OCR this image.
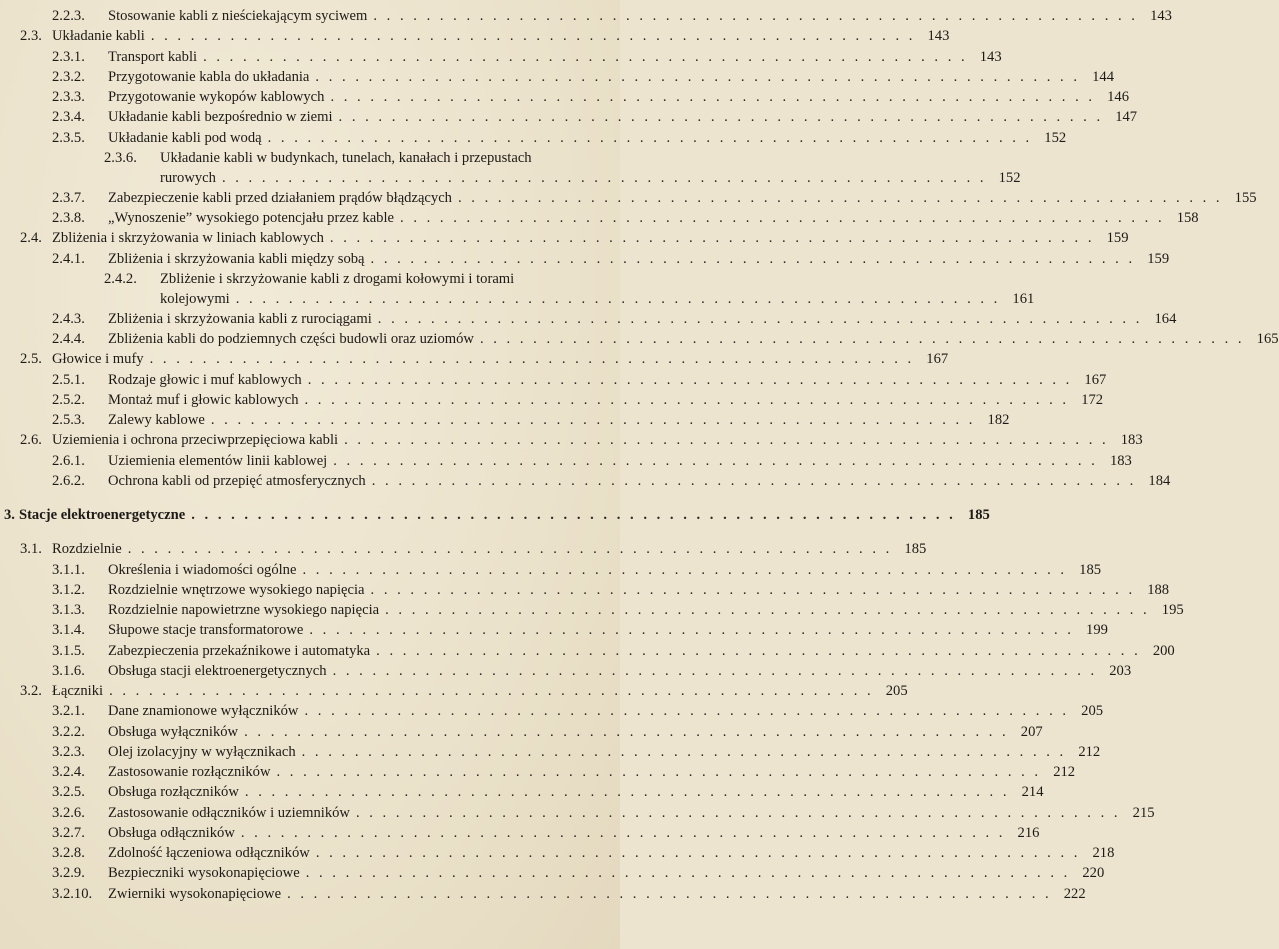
2.2.3.	Stosowanie kabli z nieściekającym syciwem . . . . . . . . . . . . . . . . . . . . . . . . . . . . . . . . . . . . . . . . . . . . . . . . . . . . . . . . . . 143
2.3. Układanie kabli . . . . . . . . . . . . . . . . . . . . . . . . . . . . . . . . . . . . . . . . . . . . . . . . . . . . . . . . . . 143
2.3.1.	Transport kabli . . . . . . . . . . . . . . . . . . . . . . . . . . . . . . . . . . . . . . . . . . . . . . . . . . . . . . . . . . 143
2.3.2.	Przygotowanie kabla do układania . . . . . . . . . . . . . . . . . . . . . . . . . . . . . . . . . . . . . . . . . . . . . . . . . . . . . . . . . . 144
2.3.3.	Przygotowanie wykopów kablowych . . . . . . . . . . . . . . . . . . . . . . . . . . . . . . . . . . . . . . . . . . . . . . . . . . . . . . . . . . 146
2.3.4.	Układanie kabli bezpośrednio w ziemi . . . . . . . . . . . . . . . . . . . . . . . . . . . . . . . . . . . . . . . . . . . . . . . . . . . . . . . . . . 147
2.3.5.	Układanie kabli pod wodą . . . . . . . . . . . . . . . . . . . . . . . . . . . . . . . . . . . . . . . . . . . . . . . . . . . . . . . . . . 152
2.3.6. Układanie kabli w budynkach, tunelach, kanałach i przepustach
rurowych . . . . . . . . . . . . . . . . . . . . . . . . . . . . . . . . . . . . . . . . . . . . . . . . . . . . . . . . . . 152
2.3.7.	Zabezpieczenie kabli przed działaniem prądów błądzących . . . . . . . . . . . . . . . . . . . . . . . . . . . . . . . . . . . . . . . . . . . . . . . . . . . . . . . . . . 155
2.3.8.	„Wynoszenie” wysokiego potencjału przez kable . . . . . . . . . . . . . . . . . . . . . . . . . . . . . . . . . . . . . . . . . . . . . . . . . . . . . . . . . . 158
2.4. Zbliżenia i skrzyżowania w liniach kablowych . . . . . . . . . . . . . . . . . . . . . . . . . . . . . . . . . . . . . . . . . . . . . . . . . . . . . . . . . . 159
2.4.1.	Zbliżenia i skrzyżowania kabli między sobą . . . . . . . . . . . . . . . . . . . . . . . . . . . . . . . . . . . . . . . . . . . . . . . . . . . . . . . . . . 159
2.4.2. Zbliżenie i skrzyżowanie kabli z drogami kołowymi i torami
kolejowymi . . . . . . . . . . . . . . . . . . . . . . . . . . . . . . . . . . . . . . . . . . . . . . . . . . . . . . . . . . 161
2.4.3.	Zbliżenia i skrzyżowania kabli z rurociągami . . . . . . . . . . . . . . . . . . . . . . . . . . . . . . . . . . . . . . . . . . . . . . . . . . . . . . . . . . 164
2.4.4.	Zbliżenia kabli do podziemnych części budowli oraz uziomów . . . . . . . . . . . . . . . . . . . . . . . . . . . . . . . . . . . . . . . . . . . . . . . . . . . . . . . . . . 165
2.5. Głowice i mufy . . . . . . . . . . . . . . . . . . . . . . . . . . . . . . . . . . . . . . . . . . . . . . . . . . . . . . . . . . 167
2.5.1.	Rodzaje głowic i muf kablowych . . . . . . . . . . . . . . . . . . . . . . . . . . . . . . . . . . . . . . . . . . . . . . . . . . . . . . . . . . 167
2.5.2.	Montaż muf i głowic kablowych . . . . . . . . . . . . . . . . . . . . . . . . . . . . . . . . . . . . . . . . . . . . . . . . . . . . . . . . . . 172
2.5.3.	Zalewy kablowe . . . . . . . . . . . . . . . . . . . . . . . . . . . . . . . . . . . . . . . . . . . . . . . . . . . . . . . . . . 182
2.6. Uziemienia i ochrona przeciwprzepięciowa kabli . . . . . . . . . . . . . . . . . . . . . . . . . . . . . . . . . . . . . . . . . . . . . . . . . . . . . . . . . . 183
2.6.1.	Uziemienia elementów linii kablowej . . . . . . . . . . . . . . . . . . . . . . . . . . . . . . . . . . . . . . . . . . . . . . . . . . . . . . . . . . 183
2.6.2.	Ochrona kabli od przepięć atmosferycznych . . . . . . . . . . . . . . . . . . . . . . . . . . . . . . . . . . . . . . . . . . . . . . . . . . . . . . . . . . 184
3. Stacje elektroenergetyczne . . . . . . . . . . . . . . . . . . . . . . . . . . . . . . . . . . . . . . . . . . . . . . . . . . . . . . . . . . 185
3.1. Rozdzielnie . . . . . . . . . . . . . . . . . . . . . . . . . . . . . . . . . . . . . . . . . . . . . . . . . . . . . . . . . . 185
3.1.1.	Określenia i wiadomości ogólne . . . . . . . . . . . . . . . . . . . . . . . . . . . . . . . . . . . . . . . . . . . . . . . . . . . . . . . . . . 185
3.1.2.	Rozdzielnie wnętrzowe wysokiego napięcia . . . . . . . . . . . . . . . . . . . . . . . . . . . . . . . . . . . . . . . . . . . . . . . . . . . . . . . . . . 188
3.1.3.	Rozdzielnie napowietrzne wysokiego napięcia . . . . . . . . . . . . . . . . . . . . . . . . . . . . . . . . . . . . . . . . . . . . . . . . . . . . . . . . . . 195
3.1.4.	Słupowe stacje transformatorowe . . . . . . . . . . . . . . . . . . . . . . . . . . . . . . . . . . . . . . . . . . . . . . . . . . . . . . . . . . 199
3.1.5.	Zabezpieczenia przekaźnikowe i automatyka . . . . . . . . . . . . . . . . . . . . . . . . . . . . . . . . . . . . . . . . . . . . . . . . . . . . . . . . . . 200
3.1.6.	Obsługa stacji elektroenergetycznych . . . . . . . . . . . . . . . . . . . . . . . . . . . . . . . . . . . . . . . . . . . . . . . . . . . . . . . . . . 203
3.2. Łączniki . . . . . . . . . . . . . . . . . . . . . . . . . . . . . . . . . . . . . . . . . . . . . . . . . . . . . . . . . . 205
3.2.1.	Dane znamionowe wyłączników . . . . . . . . . . . . . . . . . . . . . . . . . . . . . . . . . . . . . . . . . . . . . . . . . . . . . . . . . . 205
3.2.2.	Obsługa wyłączników . . . . . . . . . . . . . . . . . . . . . . . . . . . . . . . . . . . . . . . . . . . . . . . . . . . . . . . . . . 207
3.2.3.	Olej izolacyjny w wyłącznikach . . . . . . . . . . . . . . . . . . . . . . . . . . . . . . . . . . . . . . . . . . . . . . . . . . . . . . . . . . 212
3.2.4.	Zastosowanie rozłączników . . . . . . . . . . . . . . . . . . . . . . . . . . . . . . . . . . . . . . . . . . . . . . . . . . . . . . . . . . 212
3.2.5.	Obsługa rozłączników . . . . . . . . . . . . . . . . . . . . . . . . . . . . . . . . . . . . . . . . . . . . . . . . . . . . . . . . . . 214
3.2.6.	Zastosowanie odłączników i uziemników . . . . . . . . . . . . . . . . . . . . . . . . . . . . . . . . . . . . . . . . . . . . . . . . . . . . . . . . . . 215
3.2.7.	Obsługa odłączników . . . . . . . . . . . . . . . . . . . . . . . . . . . . . . . . . . . . . . . . . . . . . . . . . . . . . . . . . . 216
3.2.8.	Zdolność łączeniowa odłączników . . . . . . . . . . . . . . . . . . . . . . . . . . . . . . . . . . . . . . . . . . . . . . . . . . . . . . . . . . 218
3.2.9.	Bezpieczniki wysokonapięciowe . . . . . . . . . . . . . . . . . . . . . . . . . . . . . . . . . . . . . . . . . . . . . . . . . . . . . . . . . . 220
3.2.10.	Zwierniki wysokonapięciowe . . . . . . . . . . . . . . . . . . . . . . . . . . . . . . . . . . . . . . . . . . . . . . . . . . . . . . . . . . 222
